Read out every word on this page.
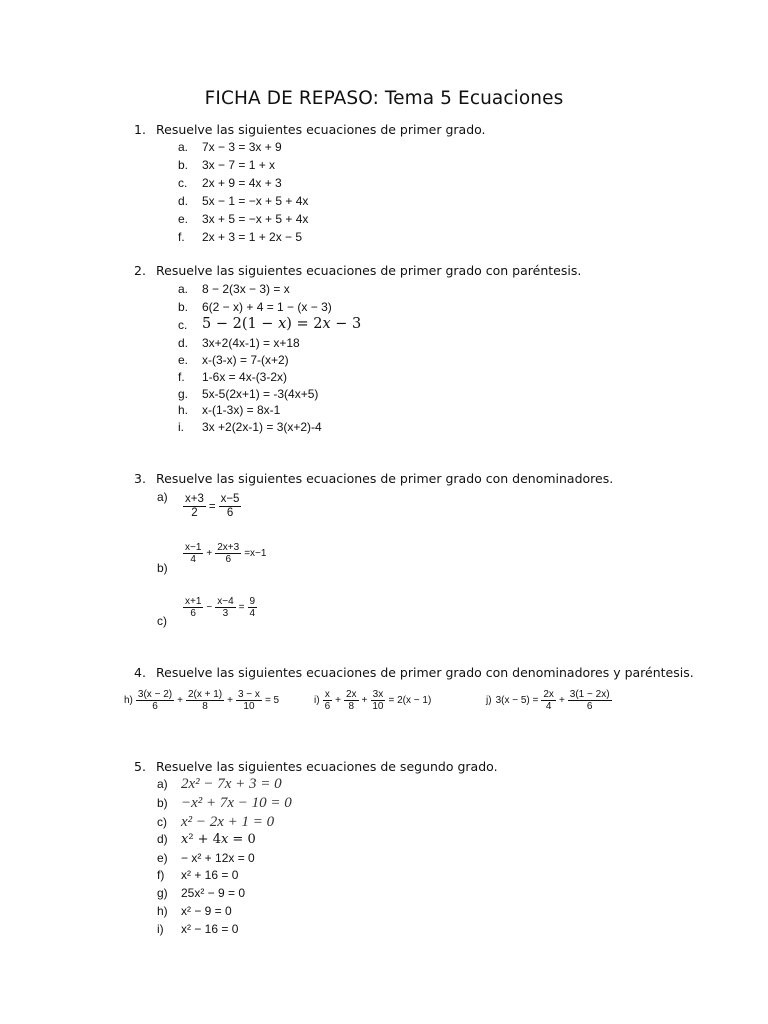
FICHA DE REPASO: Tema 5 Ecuaciones
1. Resuelve las siguientes ecuaciones de primer grado.
a. 7x − 3 = 3x + 9
b. 3x − 7 = 1 + x
c. 2x + 9 = 4x + 3
d. 5x − 1 = −x + 5 + 4x
e. 3x + 5 = −x + 5 + 4x
f. 2x + 3 = 1 + 2x − 5
2. Resuelve las siguientes ecuaciones de primer grado con paréntesis.
a. 8 − 2(3x − 3) = x
b. 6(2 − x) + 4 = 1 − (x − 3)
c. 5 − 2(1 − 𝑥) = 2𝑥 − 3
d. 3x+2(4x-1) = x+18
e. x-(3-x) = 7-(x+2)
f. 1-6x = 4x-(3-2x)
g. 5x-5(2x+1) = -3(4x+5)
h. x-(1-3x) = 8x-1
i. 3x +2(2x-1) = 3(x+2)-4
3. Resuelve las siguientes ecuaciones de primer grado con denominadores.
$a) \frac{x+3}{2} = \frac{x-5}{6}$
$\frac{x-1}{4} + \frac{2x+3}{6} =x-1$
b)
$\frac{x+1}{6} - \frac{x-4}{3} = \frac{9}{4}$
c)
4. Resuelve las siguientes ecuaciones de primer grado con denominadores y paréntesis.
$h) \frac{3(x - 2)}{6} + \frac{2(x + 1)}{8} + \frac{3 - x}{10} = 5$	$i) \frac{x}{6} + \frac{2x}{8} + \frac{3x}{10} = 2(x - 1)$	j) $3(x - 5) = \frac{2x}{4} + \frac{3(1 - 2x)}{6}$
5. Resuelve las siguientes ecuaciones de segundo grado.
a) 2x² − 7x + 3 = 0
b) −x² + 7x − 10 = 0
c) x² − 2x + 1 = 0
d) 𝑥² + 4𝑥 = 0
e) − x² + 12x = 0
f) x² + 16 = 0
g) 25x² − 9 = 0
h) x² − 9 = 0
i) x² − 16 = 0
